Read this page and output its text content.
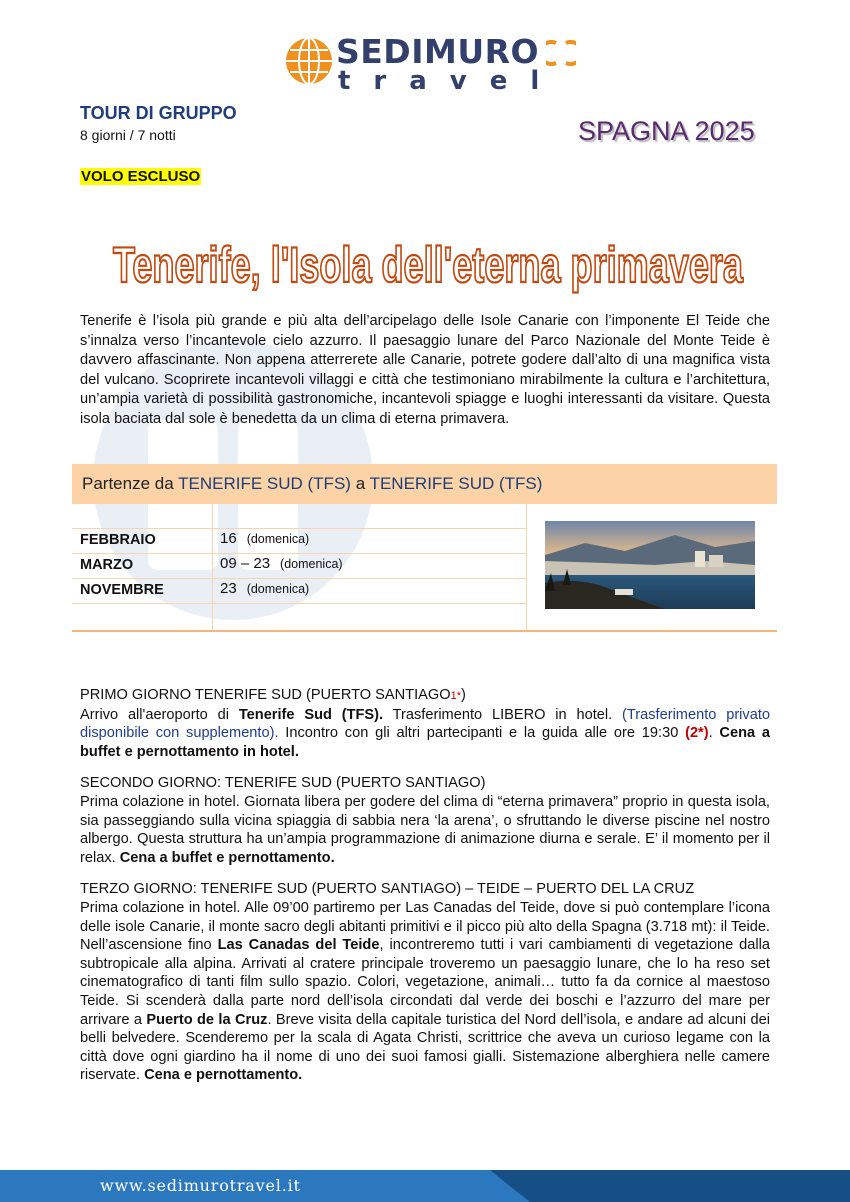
SEDIMURO
travel
TOUR DI GRUPPO
8 giorni / 7 notti	SPAGNA 2025
VOLO ESCLUSO
Tenerife, l'Isola dell'eterna primavera

Tenerife è l’isola più grande e più alta dell’arcipelago delle Isole Canarie con l’imponente El Teide che s’innalza verso l’incantevole cielo azzurro. Il paesaggio lunare del Parco Nazionale del Monte Teide è davvero affascinante. Non appena atterrerete alle Canarie, potrete godere dall’alto di una magnifica vista del vulcano. Scoprirete incantevoli villaggi e città che testimoniano mirabilmente la cultura e l’architettura, un’ampia varietà di possibilità gastronomiche, incantevoli spiagge e luoghi interessanti da visitare. Questa isola baciata dal sole è benedetta da un clima di eterna primavera.

Partenze da TENERIFE SUD (TFS) a TENERIFE SUD (TFS)
FEBBRAIO	16 (domenica)
MARZO	09 – 23 (domenica)
NOVEMBRE	23 (domenica)
PRIMO GIORNO TENERIFE SUD (PUERTO SANTIAGO1*)
Arrivo all'aeroporto di Tenerife Sud (TFS). Trasferimento LIBERO in hotel. (Trasferimento privato disponibile con supplemento). Incontro con gli altri partecipanti e la guida alle ore 19:30 (2*). Cena a buffet e pernottamento in hotel.
SECONDO GIORNO: TENERIFE SUD (PUERTO SANTIAGO)
Prima colazione in hotel. Giornata libera per godere del clima di “eterna primavera” proprio in questa isola, sia passeggiando sulla vicina spiaggia di sabbia nera ‘la arena’, o sfruttando le diverse piscine nel nostro albergo. Questa struttura ha un’ampia programmazione di animazione diurna e serale. E’ il momento per il relax. Cena a buffet e pernottamento.
TERZO GIORNO: TENERIFE SUD (PUERTO SANTIAGO) – TEIDE – PUERTO DEL LA CRUZ
Prima colazione in hotel. Alle 09’00 partiremo per Las Canadas del Teide, dove si può contemplare l’icona delle isole Canarie, il monte sacro degli abitanti primitivi e il picco più alto della Spagna (3.718 mt): il Teide. Nell’ascensione fino Las Canadas del Teide, incontreremo tutti i vari cambiamenti di vegetazione dalla subtropicale alla alpina. Arrivati al cratere principale troveremo un paesaggio lunare, che lo ha reso set cinematografico di tanti film sullo spazio. Colori, vegetazione, animali… tutto fa da cornice al maestoso Teide. Si scenderà dalla parte nord dell’isola circondati dal verde dei boschi e l’azzurro del mare per arrivare a Puerto de la Cruz. Breve visita della capitale turistica del Nord dell’isola, e andare ad alcuni dei belli belvedere. Scenderemo per la scala di Agata Christi, scrittrice che aveva un curioso legame con la città dove ogni giardino ha il nome di uno dei suoi famosi gialli. Sistemazione alberghiera nelle camere riservate. Cena e pernottamento.
www.sedimurotravel.it
